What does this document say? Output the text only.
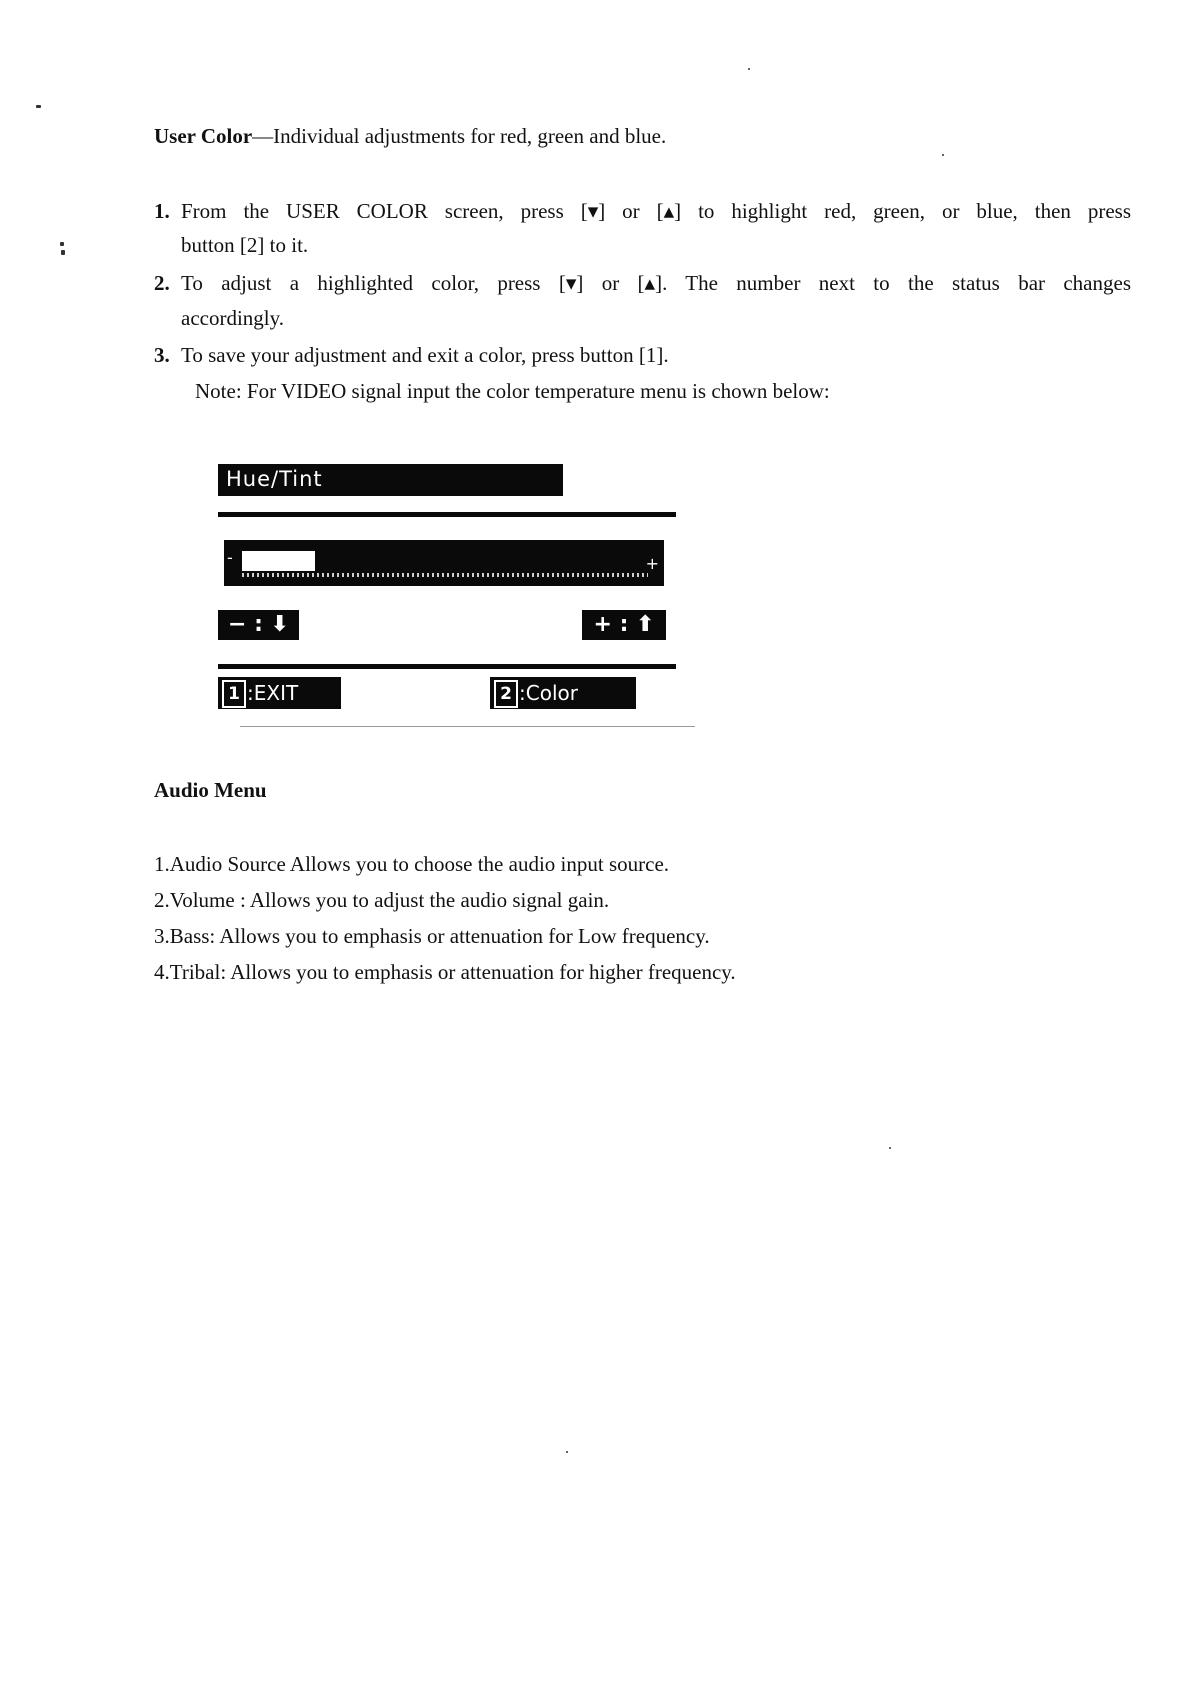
User Color—Individual adjustments for red, green and blue.
1. From the USER COLOR screen, press [▾] or [▴] to highlight red, green, or blue, then press
button [2] to it.
2. To adjust a highlighted color, press [▾] or [▴]. The number next to the status bar changes
accordingly.
3. To save your adjustment and exit a color, press button [1].
Note: For VIDEO signal input the color temperature menu is chown below:
Hue/Tint
-	+
− : ⬇	+ : ⬆
1 :EXIT	2 :Color
Audio Menu
1.Audio Source Allows you to choose the audio input source.
2.Volume : Allows you to adjust the audio signal gain.
3.Bass: Allows you to emphasis or attenuation for Low frequency.
4.Tribal: Allows you to emphasis or attenuation for higher frequency.
